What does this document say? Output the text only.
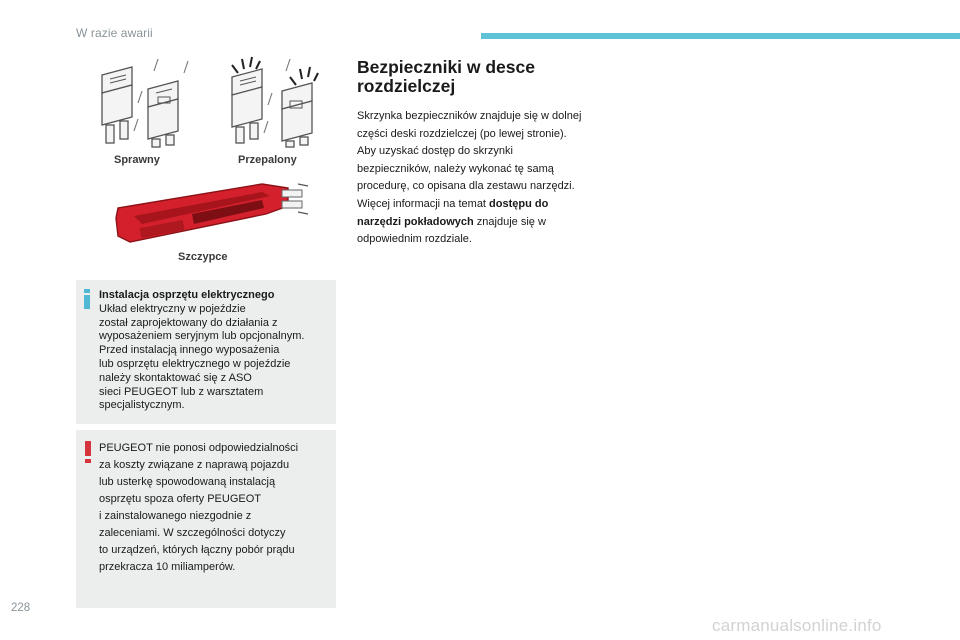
W razie awarii
Sprawny	Przepalony
Szczypce
Instalacja osprzętu elektrycznego
Układ elektryczny w pojeździe
został zaprojektowany do działania z
wyposażeniem seryjnym lub opcjonalnym.
Przed instalacją innego wyposażenia
lub osprzętu elektrycznego w pojeździe
należy skontaktować się z ASO
sieci PEUGEOT lub z warsztatem
specjalistycznym.
PEUGEOT nie ponosi odpowiedzialności
za koszty związane z naprawą pojazdu
lub usterkę spowodowaną instalacją
osprzętu spoza oferty PEUGEOT
i zainstalowanego niezgodnie z
zaleceniami. W szczególności dotyczy
to urządzeń, których łączny pobór prądu
przekracza 10 miliamperów.
Bezpieczniki w desce
rozdzielczej
Skrzynka bezpieczników znajduje się w dolnej
części deski rozdzielczej (po lewej stronie).
Aby uzyskać dostęp do skrzynki
bezpieczników, należy wykonać tę samą
procedurę, co opisana dla zestawu narzędzi.
Więcej informacji na temat dostępu do
narzędzi pokładowych znajduje się w
odpowiednim rozdziale.
228
carmanualsonline.info
